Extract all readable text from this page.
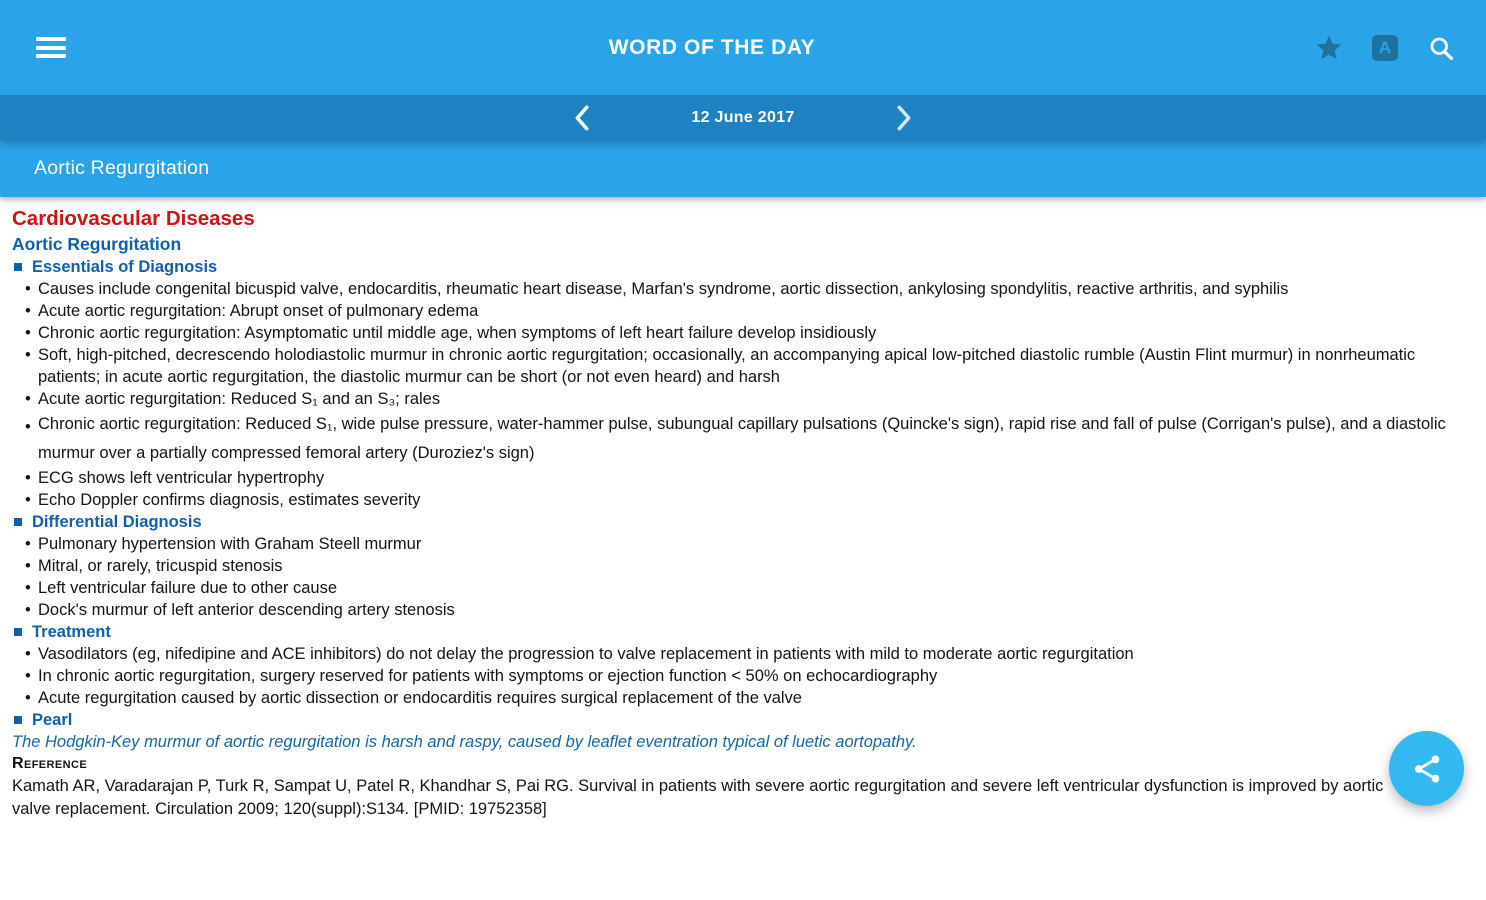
WORD OF THE DAY	A
12 June 2017
Aortic Regurgitation
Cardiovascular Diseases
Aortic Regurgitation
Essentials of Diagnosis
• Causes include congenital bicuspid valve, endocarditis, rheumatic heart disease, Marfan's syndrome, aortic dissection, ankylosing spondylitis, reactive arthritis, and syphilis
• Acute aortic regurgitation: Abrupt onset of pulmonary edema
• Chronic aortic regurgitation: Asymptomatic until middle age, when symptoms of left heart failure develop insidiously
• Soft, high-pitched, decrescendo holodiastolic murmur in chronic aortic regurgitation; occasionally, an accompanying apical low-pitched diastolic rumble (Austin Flint murmur) in nonrheumatic patients; in acute aortic regurgitation, the diastolic murmur can be short (or not even heard) and harsh
• Acute aortic regurgitation: Reduced S₁ and an S₃; rales
• Chronic aortic regurgitation: Reduced S₁, wide pulse pressure, water-hammer pulse, subungual capillary pulsations (Quincke's sign), rapid rise and fall of pulse (Corrigan's pulse), and a diastolic murmur over a partially compressed femoral artery (Duroziez's sign)
• ECG shows left ventricular hypertrophy
• Echo Doppler confirms diagnosis, estimates severity
Differential Diagnosis
• Pulmonary hypertension with Graham Steell murmur
• Mitral, or rarely, tricuspid stenosis
• Left ventricular failure due to other cause
• Dock's murmur of left anterior descending artery stenosis
Treatment
• Vasodilators (eg, nifedipine and ACE inhibitors) do not delay the progression to valve replacement in patients with mild to moderate aortic regurgitation
• In chronic aortic regurgitation, surgery reserved for patients with symptoms or ejection function < 50% on echocardiography
• Acute regurgitation caused by aortic dissection or endocarditis requires surgical replacement of the valve
Pearl
The Hodgkin-Key murmur of aortic regurgitation is harsh and raspy, caused by leaflet eventration typical of luetic aortopathy.
Reference
Kamath AR, Varadarajan P, Turk R, Sampat U, Patel R, Khandhar S, Pai RG. Survival in patients with severe aortic regurgitation and severe left ventricular dysfunction is improved by aortic valve replacement. Circulation 2009; 120(suppl):S134. [PMID: 19752358]
